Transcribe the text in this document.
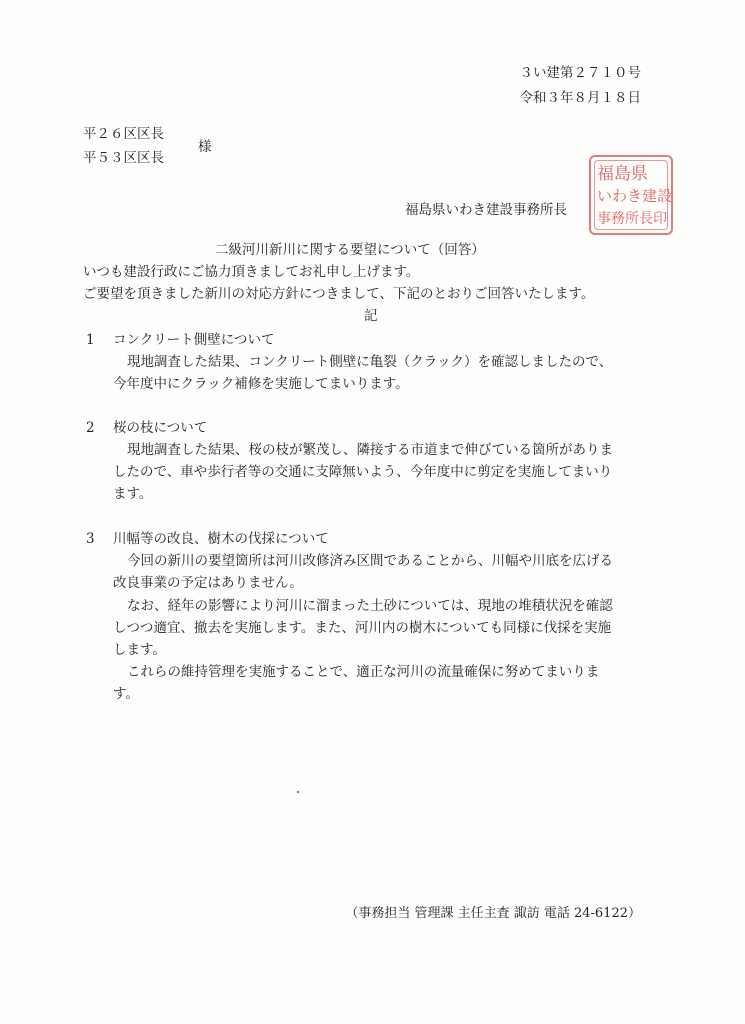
３い建第２７１０号
令和３年８月１８日
平２６区区長
平５３区区長
様
福島県いわき建設事務所長
福島県
いわき建設
事務所長印
二級河川新川に関する要望について（回答）
いつも建設行政にご協力頂きましてお礼申し上げます。
ご要望を頂きました新川の対応方針につきまして、下記のとおりご回答いたします。
記
1 コンクリート側壁について
現地調査した結果、コンクリート側壁に亀裂（クラック）を確認しましたので、
今年度中にクラック補修を実施してまいります。
2 桜の枝について
現地調査した結果、桜の枝が繁茂し、隣接する市道まで伸びている箇所がありま
したので、車や歩行者等の交通に支障無いよう、今年度中に剪定を実施してまいり
ます。
3 川幅等の改良、樹木の伐採について
今回の新川の要望箇所は河川改修済み区間であることから、川幅や川底を広げる
改良事業の予定はありません。
なお、経年の影響により河川に溜まった土砂については、現地の堆積状況を確認
しつつ適宜、撤去を実施します。また、河川内の樹木についても同様に伐採を実施
します。
これらの維持管理を実施することで、適正な河川の流量確保に努めてまいりま
す。
（事務担当 管理課 主任主査 諏訪 電話 24-6122）
